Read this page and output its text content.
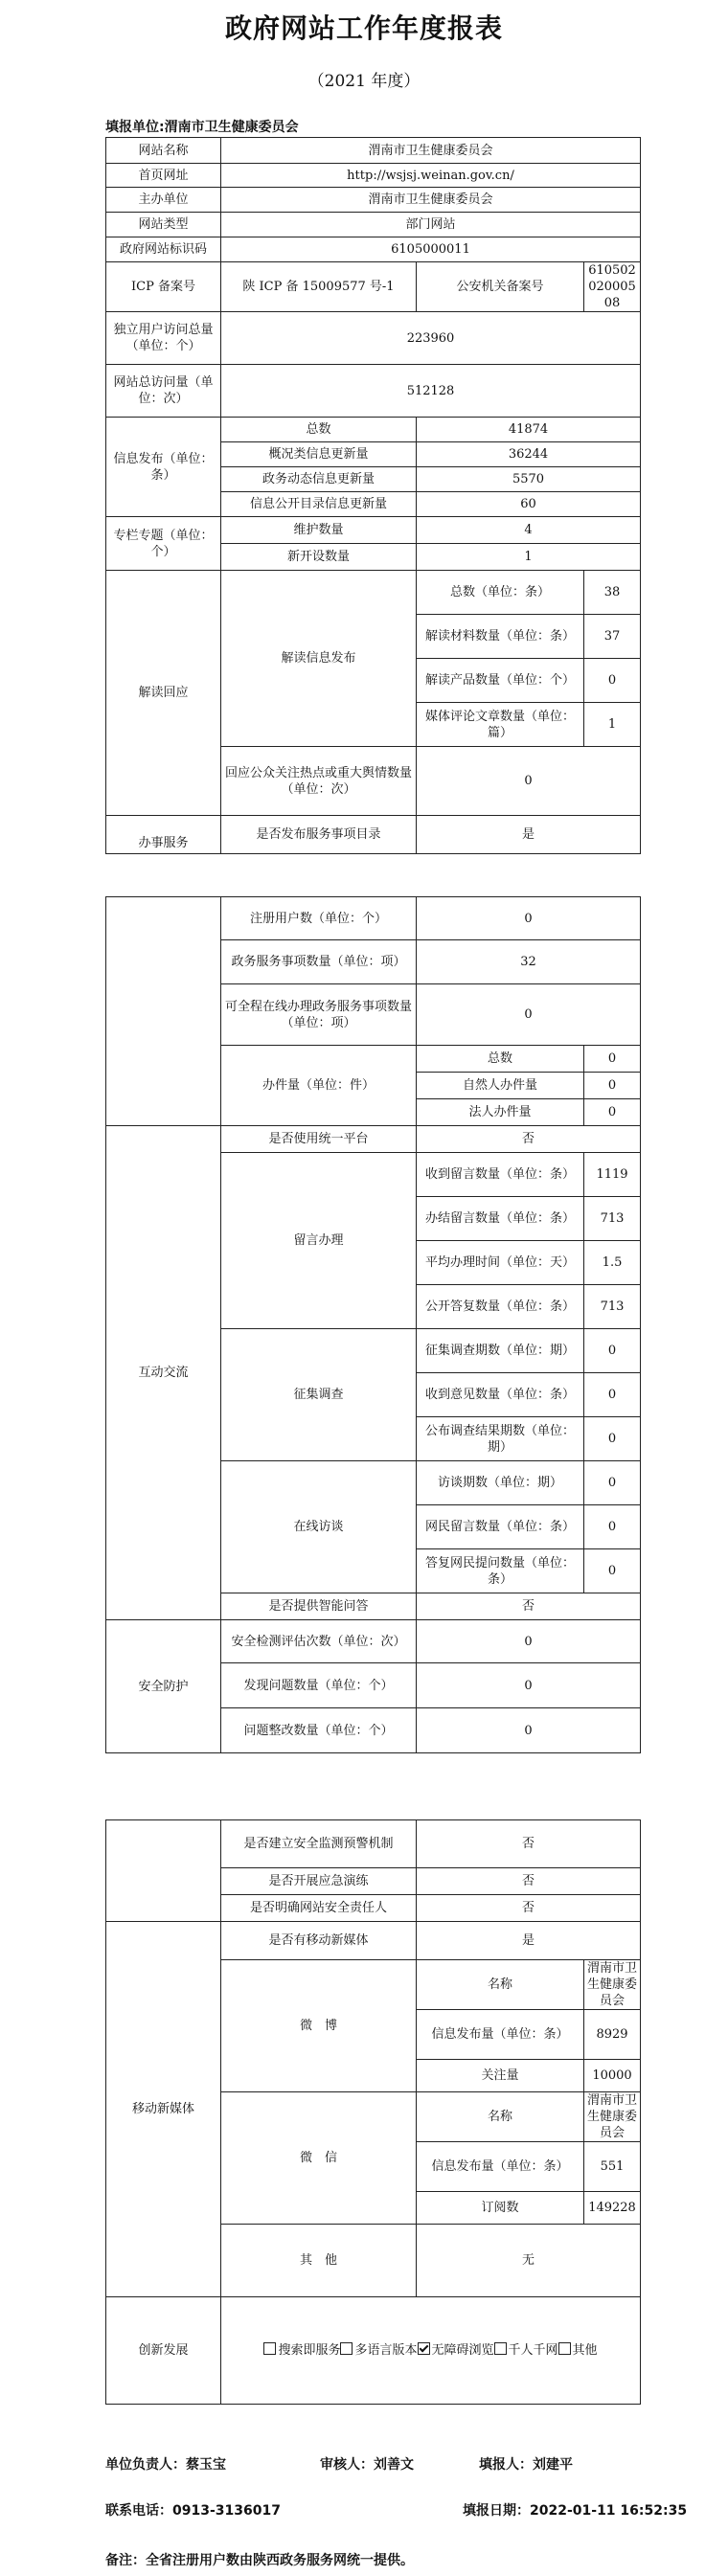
政府网站工作年度报表
（2021 年度）
填报单位:渭南市卫生健康委员会
网站名称	渭南市卫生健康委员会		
首页网址	http://wsjsj.weinan.gov.cn/		
主办单位	渭南市卫生健康委员会		
网站类型	部门网站		
政府网站标识码	6105000011		
ICP 备案号	陕 ICP 备 15009577 号-1	公安机关备案号	61050202000508
独立用户访问总量（单位：个）	223960		
网站总访问量（单位：次）	512128		
信息发布（单位：条）	总数	41874	
	概况类信息更新量	36244	
	政务动态信息更新量	5570	
	信息公开目录信息更新量	60	
专栏专题（单位：个）	维护数量	4	
	新开设数量	1	
解读回应	解读信息发布	总数（单位：条）	38
		解读材料数量（单位：条）	37
		解读产品数量（单位：个）	0
		媒体评论文章数量（单位：篇）	1
	回应公众关注热点或重大舆情数量（单位：次）	0	
办事服务	是否发布服务事项目录	是	
	注册用户数（单位：个）	0	
	政务服务事项数量（单位：项）	32	
	可全程在线办理政务服务事项数量（单位：项）	0	
	办件量（单位：件）	总数	0
		自然人办件量	0
		法人办件量	0
互动交流	是否使用统一平台	否	
	留言办理	收到留言数量（单位：条）	1119
		办结留言数量（单位：条）	713
		平均办理时间（单位：天）	1.5
		公开答复数量（单位：条）	713
	征集调查	征集调查期数（单位：期）	0
		收到意见数量（单位：条）	0
		公布调查结果期数（单位：期）	0
	在线访谈	访谈期数（单位：期）	0
		网民留言数量（单位：条）	0
		答复网民提问数量（单位：条）	0
	是否提供智能问答	否	
安全防护	安全检测评估次数（单位：次）	0	
	发现问题数量（单位：个）	0	
	问题整改数量（单位：个）	0	
	是否建立安全监测预警机制	否	
	是否开展应急演练	否	
	是否明确网站安全责任人	否	
移动新媒体	是否有移动新媒体	是	
	微　博	名称	渭南市卫生健康委员会
		信息发布量（单位：条）	8929
		关注量	10000
	微　信	名称	渭南市卫生健康委员会
		信息发布量（单位：条）	551
		订阅数	149228
	其　他	无	
创新发展	搜索即服务 多语言版本 无障碍浏览 千人千网 其他		
单位负责人：蔡玉宝	审核人：刘善文	填报人：刘建平
联系电话：0913-3136017	填报日期：2022-01-11 16:52:35
备注：全省注册用户数由陕西政务服务网统一提供。
